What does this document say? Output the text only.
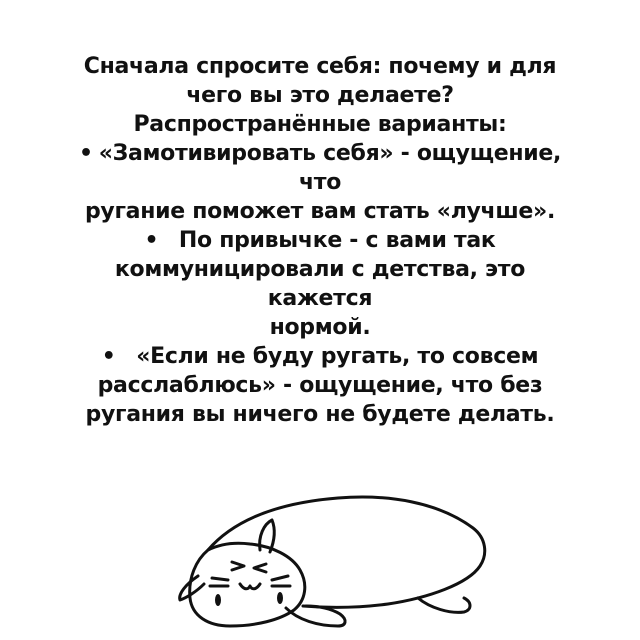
Сначала спросите себя: почему и для
чего вы это делаете?
Распространённые варианты:
• «Замотивировать себя» - ощущение,
что
ругание поможет вам стать «лучше».
• По привычке - с вами так
коммуницировали с детства, это
кажется
нормой.
• «Если не буду ругать, то совсем
расслаблюсь» - ощущение, что без
ругания вы ничего не будете делать.
